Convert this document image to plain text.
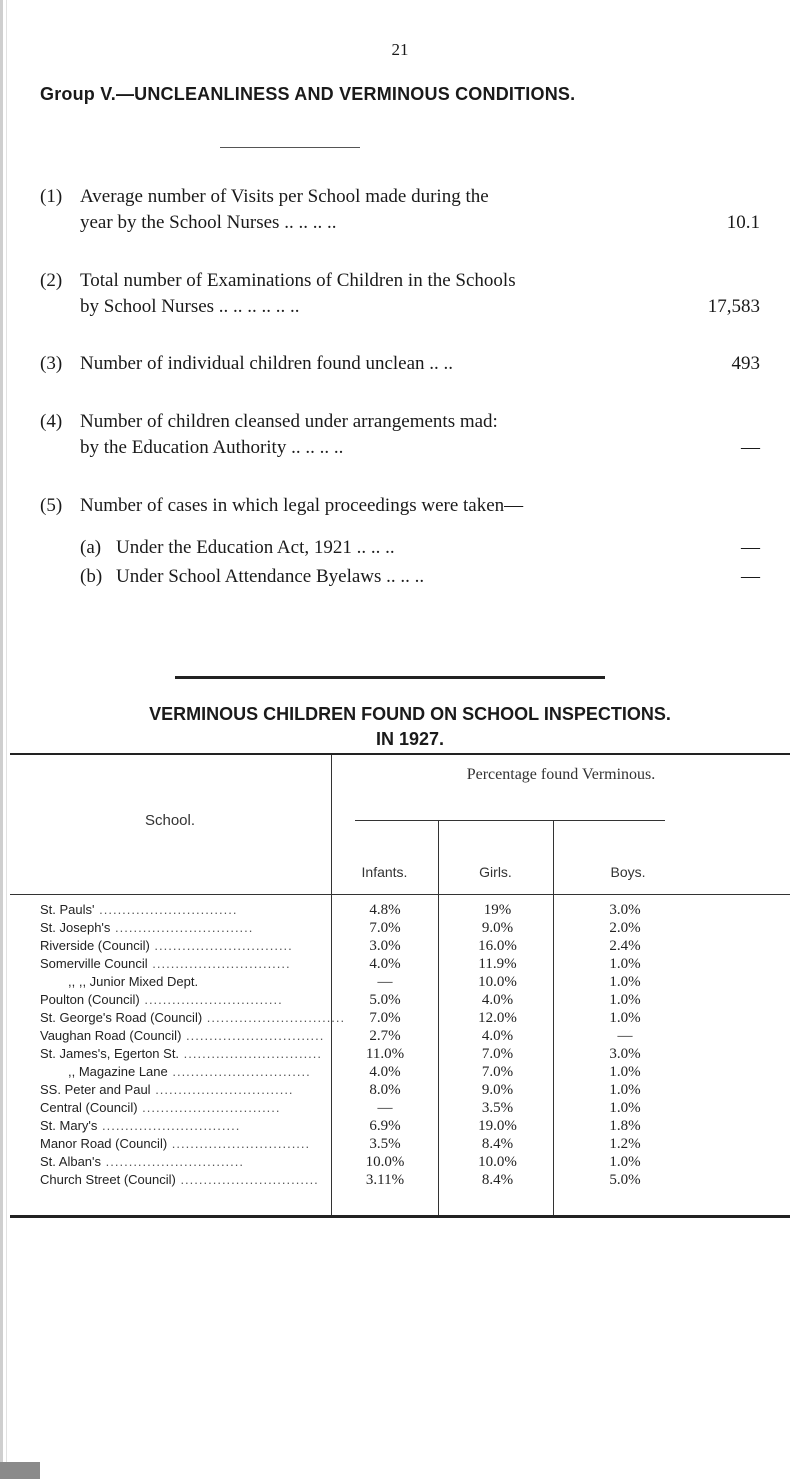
21
Group V.—UNCLEANLINESS AND VERMINOUS CONDITIONS.
(1) Average number of Visits per School made during the
year by the School Nurses .. .. .. ..	10.1
(2) Total number of Examinations of Children in the Schools
by School Nurses .. .. .. .. .. ..	17,583
(3) Number of individual children found unclean .. ..	493
(4) Number of children cleansed under arrangements mad:
by the Education Authority .. .. .. ..	—
(5) Number of cases in which legal proceedings were taken—
(a) Under the Education Act, 1921 .. .. ..	—
(b) Under School Attendance Byelaws .. .. ..	—
VERMINOUS CHILDREN FOUND ON SCHOOL INSPECTIONS.
IN 1927.
School.
Percentage found Verminous.
Infants.	Girls.	Boys.
St. Pauls' ..............................	4.8%	19%	3.0%
St. Joseph's ..............................	7.0%	9.0%	2.0%
Riverside (Council) ..............................	3.0%	16.0%	2.4%
Somerville Council ..............................	4.0%	11.9%	1.0%
,, ,, Junior Mixed Dept.	—	10.0%	1.0%
Poulton (Council) ..............................	5.0%	4.0%	1.0%
St. George's Road (Council) ..............................	7.0%	12.0%	1.0%
Vaughan Road (Council) ..............................	2.7%	4.0%	—
St. James's, Egerton St. ..............................	11.0%	7.0%	3.0%
,, Magazine Lane ..............................	4.0%	7.0%	1.0%
SS. Peter and Paul ..............................	8.0%	9.0%	1.0%
Central (Council) ..............................	—	3.5%	1.0%
St. Mary's ..............................	6.9%	19.0%	1.8%
Manor Road (Council) ..............................	3.5%	8.4%	1.2%
St. Alban's ..............................	10.0%	10.0%	1.0%
Church Street (Council) ..............................	3.11%	8.4%	5.0%
